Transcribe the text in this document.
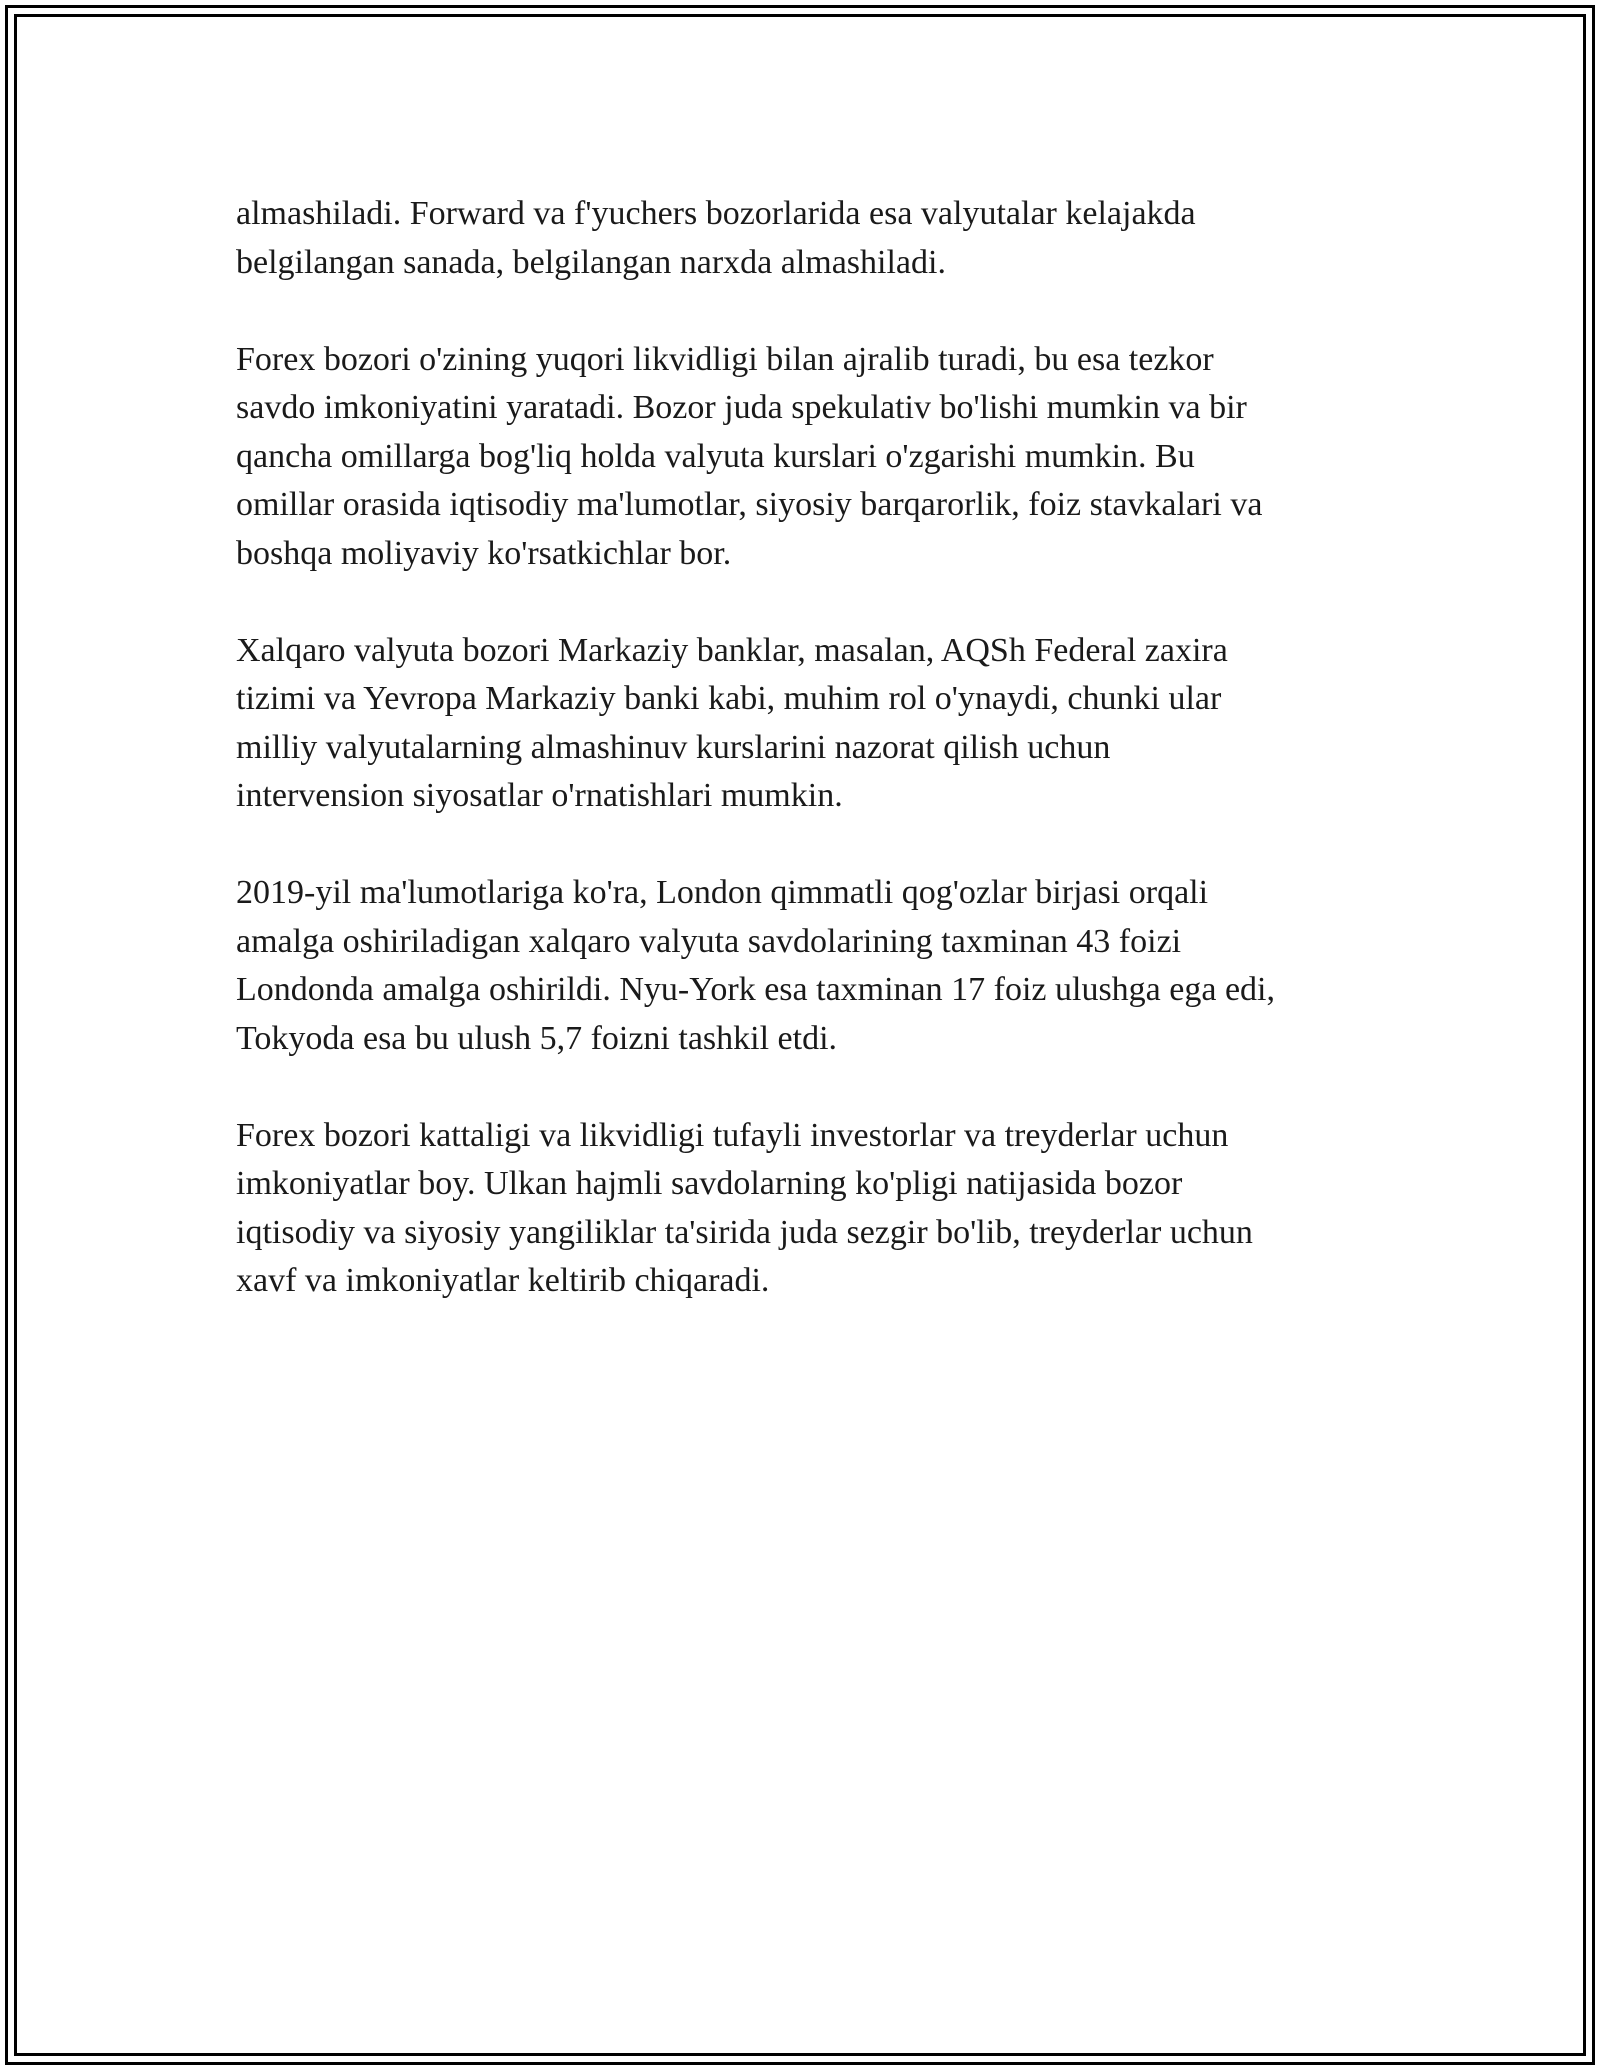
almashiladi. Forward va f'yuchers bozorlarida esa valyutalar kelajakda
belgilangan sanada, belgilangan narxda almashiladi.
Forex bozori o'zining yuqori likvidligi bilan ajralib turadi, bu esa tezkor
savdo imkoniyatini yaratadi. Bozor juda spekulativ bo'lishi mumkin va bir
qancha omillarga bog'liq holda valyuta kurslari o'zgarishi mumkin. Bu
omillar orasida iqtisodiy ma'lumotlar, siyosiy barqarorlik, foiz stavkalari va
boshqa moliyaviy ko'rsatkichlar bor.
Xalqaro valyuta bozori Markaziy banklar, masalan, AQSh Federal zaxira
tizimi va Yevropa Markaziy banki kabi, muhim rol o'ynaydi, chunki ular
milliy valyutalarning almashinuv kurslarini nazorat qilish uchun
intervension siyosatlar o'rnatishlari mumkin.
2019-yil ma'lumotlariga ko'ra, London qimmatli qog'ozlar birjasi orqali
amalga oshiriladigan xalqaro valyuta savdolarining taxminan 43 foizi
Londonda amalga oshirildi. Nyu-York esa taxminan 17 foiz ulushga ega edi,
Tokyoda esa bu ulush 5,7 foizni tashkil etdi.
Forex bozori kattaligi va likvidligi tufayli investorlar va treyderlar uchun
imkoniyatlar boy. Ulkan hajmli savdolarning ko'pligi natijasida bozor
iqtisodiy va siyosiy yangiliklar ta'sirida juda sezgir bo'lib, treyderlar uchun
xavf va imkoniyatlar keltirib chiqaradi.
